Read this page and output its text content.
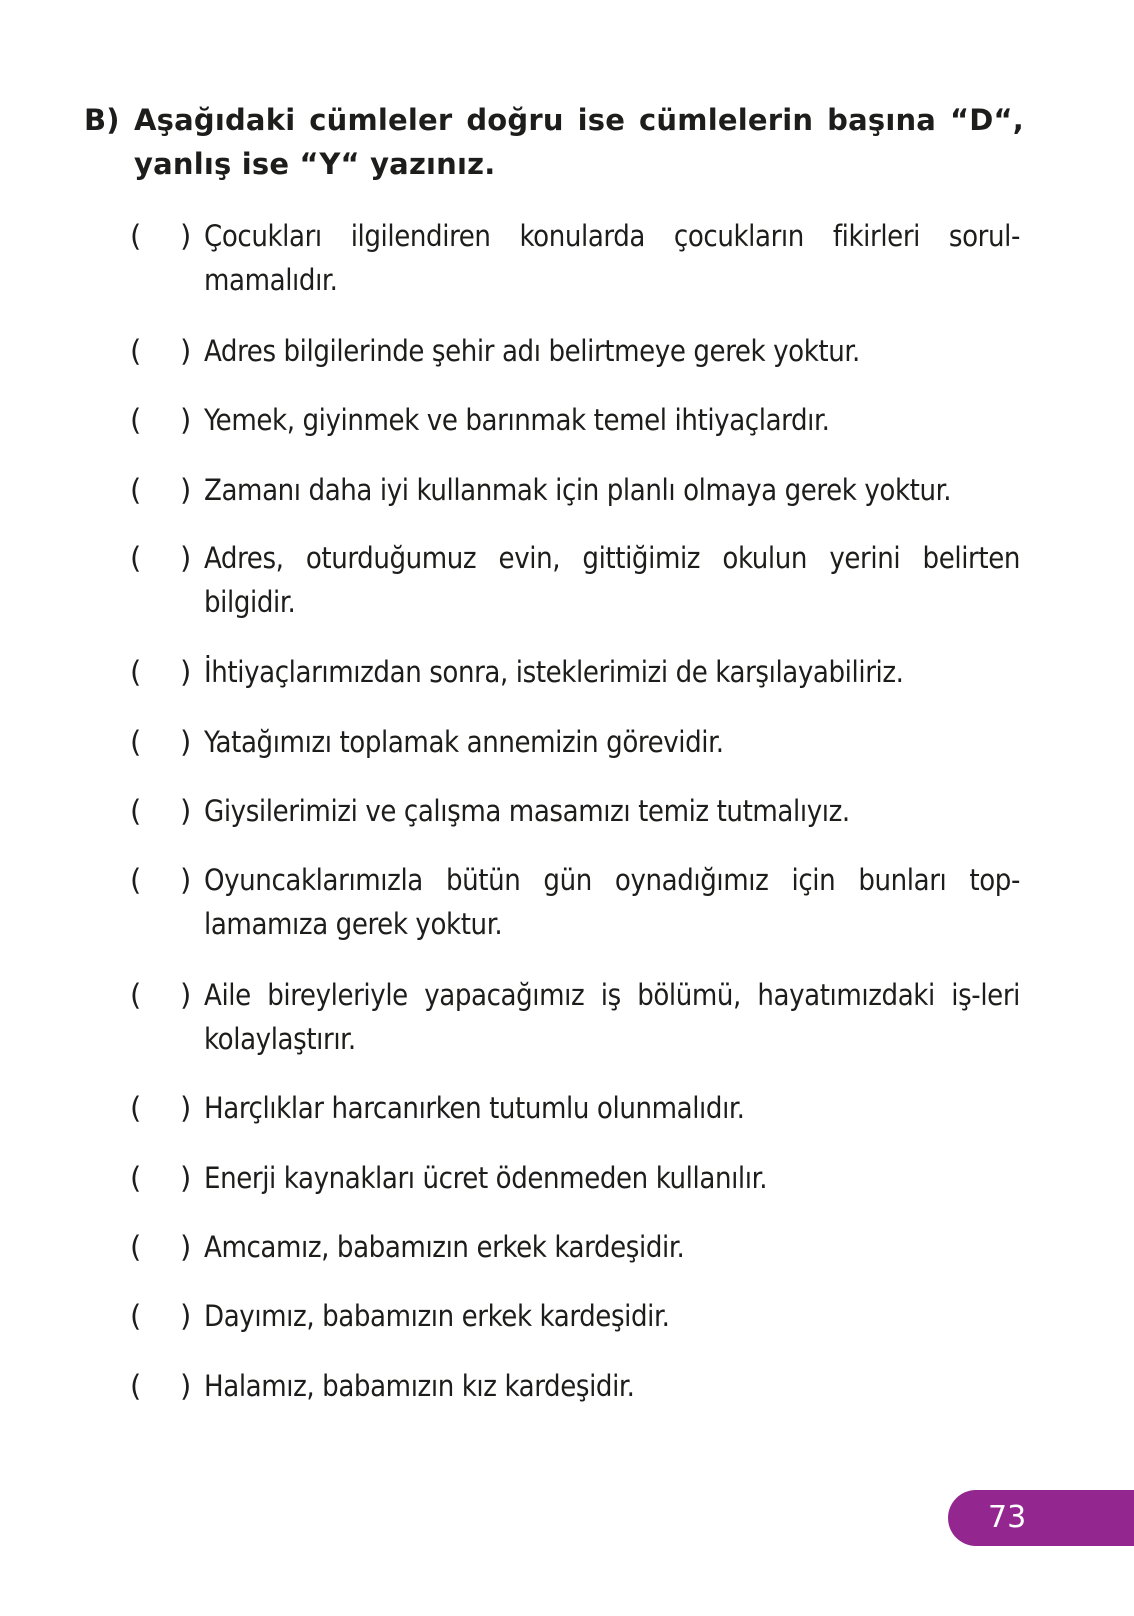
B) Aşağıdaki cümleler doğru ise cümlelerin başına “D“, yanlış ise “Y“ yazınız.
( ) Çocukları ilgilendiren konularda çocukların fikirleri sorul-mamalıdır.
( ) Adres bilgilerinde şehir adı belirtmeye gerek yoktur.
( ) Yemek, giyinmek ve barınmak temel ihtiyaçlardır.
( ) Zamanı daha iyi kullanmak için planlı olmaya gerek yoktur.
( ) Adres, oturduğumuz evin, gittiğimiz okulun yerini belirten bilgidir.
( ) İhtiyaçlarımızdan sonra, isteklerimizi de karşılayabiliriz.
( ) Yatağımızı toplamak annemizin görevidir.
( ) Giysilerimizi ve çalışma masamızı temiz tutmalıyız.
( ) Oyuncaklarımızla bütün gün oynadığımız için bunları top-lamamıza gerek yoktur.
( ) Aile bireyleriyle yapacağımız iş bölümü, hayatımızdaki iş-leri kolaylaştırır.
( ) Harçlıklar harcanırken tutumlu olunmalıdır.
( ) Enerji kaynakları ücret ödenmeden kullanılır.
( ) Amcamız, babamızın erkek kardeşidir.
( ) Dayımız, babamızın erkek kardeşidir.
( ) Halamız, babamızın kız kardeşidir.
73
